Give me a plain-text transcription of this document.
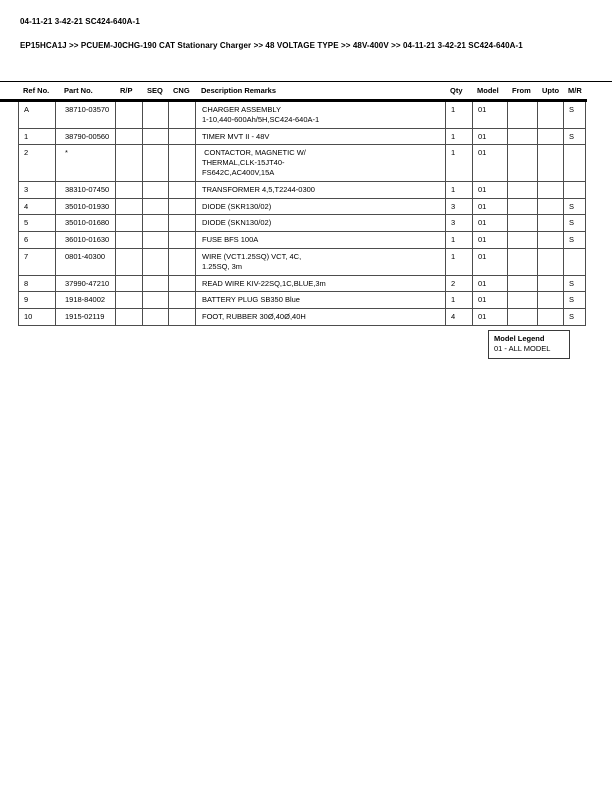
04-11-21 3-42-21 SC424-640A-1
EP15HCA1J >> PCUEM-J0CHG-190 CAT Stationary Charger >> 48 VOLTAGE TYPE >> 48V-400V >> 04-11-21 3-42-21 SC424-640A-1
Ref No.	Part No.	R/P	SEQ	CNG	Description Remarks	Qty	Model	From	Upto	M/R
A	38710-03570	CHARGER ASSEMBLY
1-10,440-600Ah/5H,SC424-640A-1
1	01	S
1	38790-00560	TIMER MVT II - 48V	1	01	S
2	*	CONTACTOR, MAGNETIC W/
THERMAL,CLK-15JT40-
FS642C,AC400V,15A
1	01
3	38310-07450	TRANSFORMER 4,5,T2244-0300	1	01
4	35010-01930	DIODE (SKR130/02)	3	01	S
5	35010-01680	DIODE (SKN130/02)	3	01	S
6	36010-01630	FUSE BFS 100A	1	01	S
7	0801-40300	WIRE (VCT1.25SQ) VCT, 4C,
1.25SQ, 3m
1	01
8	37990-47210	READ WIRE KIV-22SQ,1C,BLUE,3m	2	01	S
9	1918-84002	BATTERY PLUG SB350 Blue	1	01	S
10	1915-02119	FOOT, RUBBER 30Ø,40Ø,40H	4	01	S
Model Legend
01 - ALL MODEL
